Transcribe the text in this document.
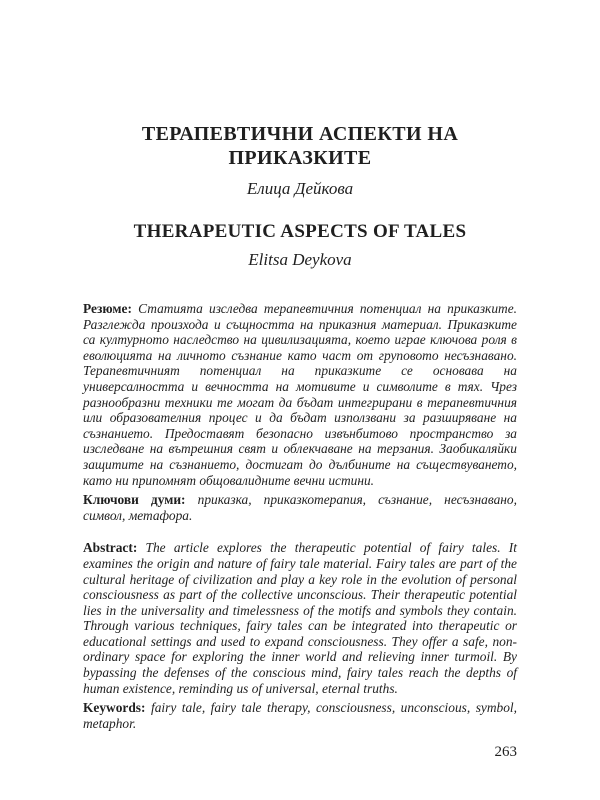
ТЕРАПЕВТИЧНИ АСПЕКТИ НА ПРИКАЗКИТЕ
Елица Дейкова
THERAPEUTIC ASPECTS OF TALES
Elitsa Deykova

Резюме: Статията изследва терапевтичния потенциал на приказките. Разглежда произхода и същността на приказния материал. Приказките са културното наследство на цивилизацията, което играе ключова роля в еволюцията на личното съзнание като част от груповото несъзнавано. Терапевтичният потенциал на приказките се основава на универсалността и вечността на мотивите и символите в тях. Чрез разнообразни техники те могат да бъдат интегрирани в терапевтичния или образователния процес и да бъдат използвани за разширяване на съзнанието. Предоставят безопасно извънбитово пространство за изследване на вътрешния свят и облекчаване на терзания. Заобикаляйки защитите на съзнанието, достигат до дълбините на съществуването, като ни припомнят общовалидните вечни истини.

Ключови думи: приказка, приказкотерапия, съзнание, несъзнавано, символ, метафора.

Abstract: The article explores the therapeutic potential of fairy tales. It examines the origin and nature of fairy tale material. Fairy tales are part of the cultural heritage of civilization and play a key role in the evolution of personal consciousness as part of the collective unconscious. Their therapeutic potential lies in the universality and timelessness of the motifs and symbols they contain. Through various techniques, fairy tales can be integrated into therapeutic or educational settings and used to expand consciousness. They offer a safe, non-ordinary space for exploring the inner world and relieving inner turmoil. By bypassing the defenses of the conscious mind, fairy tales reach the depths of human existence, reminding us of universal, eternal truths.

Keywords: fairy tale, fairy tale therapy, consciousness, unconscious, symbol, metaphor.

263
